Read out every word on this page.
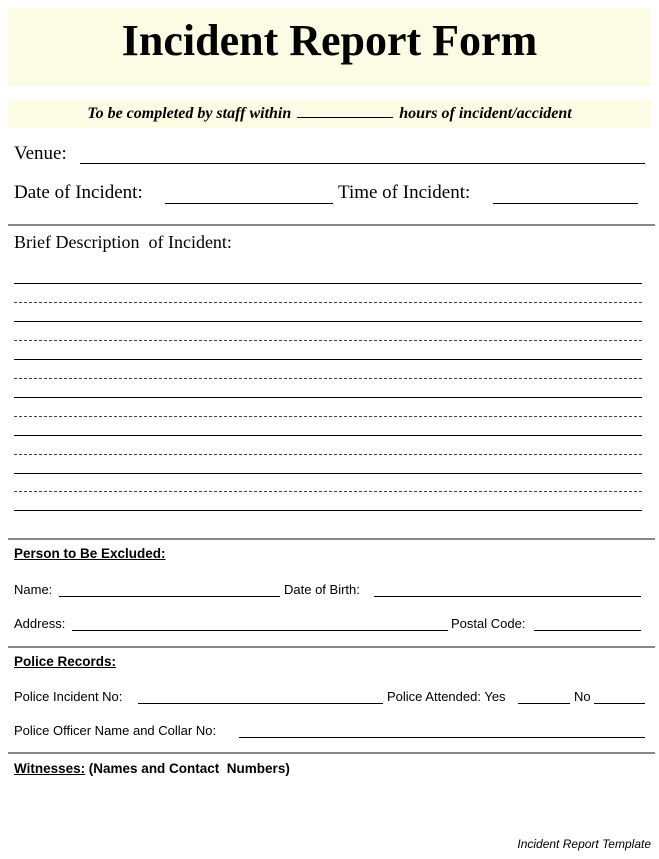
Incident Report Form
To be completed by staff within	hours of incident/accident
Venue:
Date of Incident:	Time of Incident:
Brief Description  of Incident:
Person to Be Excluded:
Name:	Date of Birth:
Address:	Postal Code:
Police Records:
Police Incident No:	Police Attended: Yes	No
Police Officer Name and Collar No:
Witnesses: (Names and Contact  Numbers)
Incident Report Template
